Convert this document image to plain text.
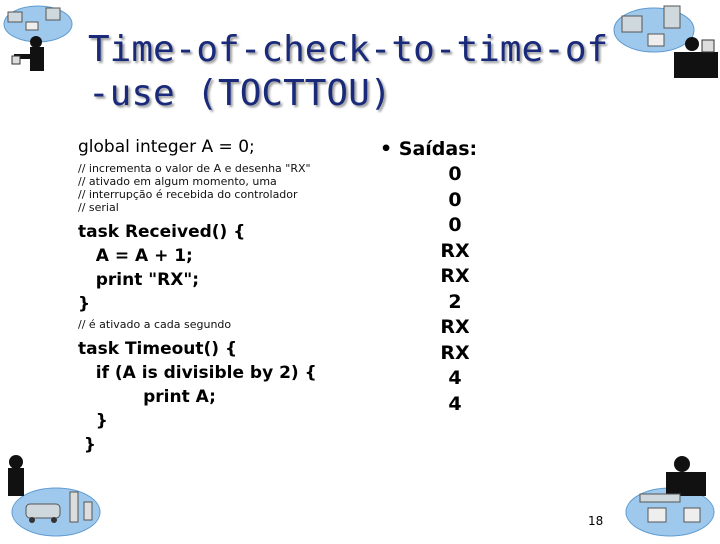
Time-of-check-to-time-of
-use (TOCTTOU)
global integer A = 0;
// incrementa o valor de A e desenha "RX"
// ativado em algum momento, uma
// interrupção é recebida do controlador
// serial
task Received() {
A = A + 1;
print "RX";
}
// é ativado a cada segundo
task Timeout() {
if (A is divisible by 2) {
print A;
}
}
• Saídas:
0
0
0
RX
RX
2
RX
RX
4
4
18
